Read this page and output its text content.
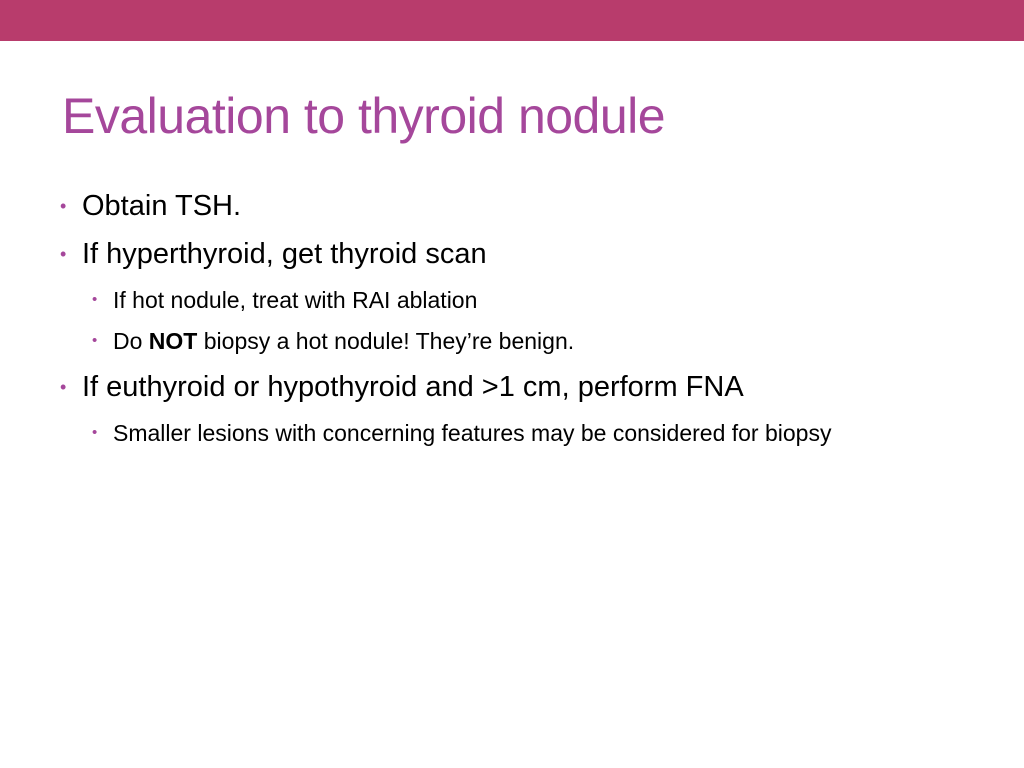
Evaluation to thyroid nodule
• Obtain TSH.
• If hyperthyroid, get thyroid scan
• If hot nodule, treat with RAI ablation
• Do NOT biopsy a hot nodule! They’re benign.
• If euthyroid or hypothyroid and >1 cm, perform FNA
• Smaller lesions with concerning features may be considered for biopsy
